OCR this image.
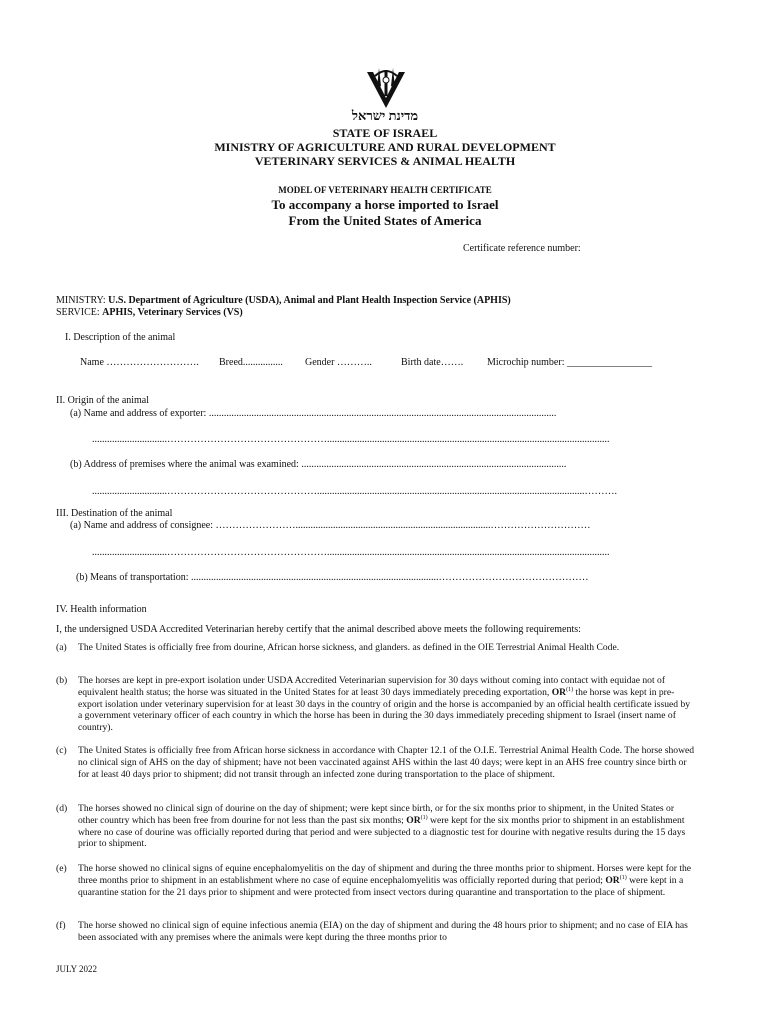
מדינת ישראל
STATE OF ISRAEL
MINISTRY OF AGRICULTURE AND RURAL DEVELOPMENT
VETERINARY SERVICES & ANIMAL HEALTH
MODEL OF VETERINARY HEALTH CERTIFICATE
To accompany a horse imported to Israel
From the United States of America
Certificate reference number:
MINISTRY: U.S. Department of Agriculture (USDA), Animal and Plant Health Inspection Service (APHIS)
SERVICE: APHIS, Veterinary Services (VS)
I. Description of the animal
Name ………………………. Breed................ Gender ………..	Birth date……. Microchip number: _________________
II. Origin of the animal
(a) Name and address of exporter: ...........................................................................................................................................
..............................………………………………………….................................................................................................................
(b) Address of premises where the animal was examined: ..........................................................................................................
..............................………………………………………...........................................................................................................……….
III. Destination of the animal
(a) Name and address of consignee: ……………………..............................................................................…………………………
..............................………………………………………….................................................................................................................
(b) Means of transportation: ...................................................................................................………………………………………
IV. Health information
I, the undersigned USDA Accredited Veterinarian hereby certify that the animal described above meets the following requirements:
(a) The United States is officially free from dourine, African horse sickness, and glanders. as defined in the OIE Terrestrial Animal Health Code.
(b) The horses are kept in pre-export isolation under USDA Accredited Veterinarian supervision for 30 days without coming into contact with equidae not of equivalent health status; the horse was situated in the United States for at least 30 days immediately preceding exportation, OR$^{(1)}$ the horse was kept in pre-export isolation under veterinary supervision for at least 30 days in the country of origin and the horse is accompanied by an official health certificate issued by a government veterinary officer of each country in which the horse has been in during the 30 days immediately preceding shipment to Israel (insert name of country).
(c) The United States is officially free from African horse sickness in accordance with Chapter 12.1 of the O.I.E. Terrestrial Animal Health Code. The horse showed no clinical sign of AHS on the day of shipment; have not been vaccinated against AHS within the last 40 days; were kept in an AHS free country since birth or for at least 40 days prior to shipment; did not transit through an infected zone during transportation to the place of shipment.
(d) The horses showed no clinical sign of dourine on the day of shipment; were kept since birth, or for the six months prior to shipment, in the United States or other country which has been free from dourine for not less than the past six months; OR$^{(1)}$ were kept for the six months prior to shipment in an establishment where no case of dourine was officially reported during that period and were subjected to a diagnostic test for dourine with negative results during the 15 days prior to shipment.
(e) The horse showed no clinical signs of equine encephalomyelitis on the day of shipment and during the three months prior to shipment. Horses were kept for the three months prior to shipment in an establishment where no case of equine encephalomyelitis was officially reported during that period; OR$^{(1)}$ were kept in a quarantine station for the 21 days prior to shipment and were protected from insect vectors during quarantine and transportation to the place of shipment.
(f) The horse showed no clinical sign of equine infectious anemia (EIA) on the day of shipment and during the 48 hours prior to shipment; and no case of EIA has been associated with any premises where the animals were kept during the three months prior to
JULY 2022
